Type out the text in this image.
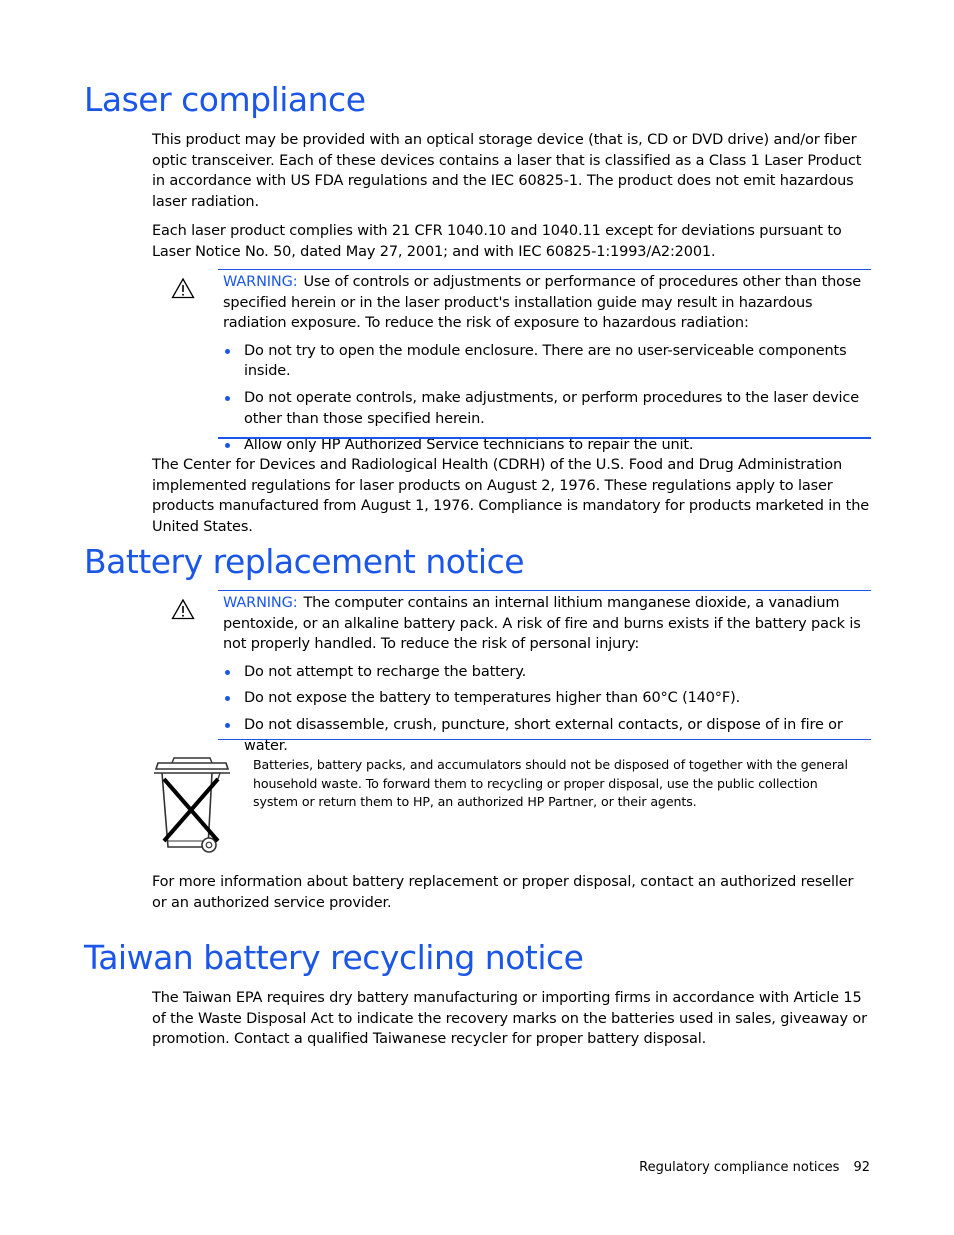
Laser compliance

This product may be provided with an optical storage device (that is, CD or DVD drive) and/or fiber optic transceiver. Each of these devices contains a laser that is classified as a Class 1 Laser Product in accordance with US FDA regulations and the IEC 60825-1. The product does not emit hazardous laser radiation.

Each laser product complies with 21 CFR 1040.10 and 1040.11 except for deviations pursuant to Laser Notice No. 50, dated May 27, 2001; and with IEC 60825-1:1993/A2:2001.

WARNING: Use of controls or adjustments or performance of procedures other than those specified herein or in the laser product's installation guide may result in hazardous radiation exposure. To reduce the risk of exposure to hazardous radiation:
Do not try to open the module enclosure. There are no user-serviceable components inside.
Do not operate controls, make adjustments, or perform procedures to the laser device other than those specified herein.
Allow only HP Authorized Service technicians to repair the unit.

The Center for Devices and Radiological Health (CDRH) of the U.S. Food and Drug Administration implemented regulations for laser products on August 2, 1976. These regulations apply to laser products manufactured from August 1, 1976. Compliance is mandatory for products marketed in the United States.

Battery replacement notice
WARNING: The computer contains an internal lithium manganese dioxide, a vanadium pentoxide, or an alkaline battery pack. A risk of fire and burns exists if the battery pack is not properly handled. To reduce the risk of personal injury:
Do not attempt to recharge the battery.
Do not expose the battery to temperatures higher than 60°C (140°F).
Do not disassemble, crush, puncture, short external contacts, or dispose of in fire or water.

Batteries, battery packs, and accumulators should not be disposed of together with the general household waste. To forward them to recycling or proper disposal, use the public collection system or return them to HP, an authorized HP Partner, or their agents.

For more information about battery replacement or proper disposal, contact an authorized reseller or an authorized service provider.

Taiwan battery recycling notice

The Taiwan EPA requires dry battery manufacturing or importing firms in accordance with Article 15 of the Waste Disposal Act to indicate the recovery marks on the batteries used in sales, giveaway or promotion. Contact a qualified Taiwanese recycler for proper battery disposal.

Regulatory compliance notices 92
